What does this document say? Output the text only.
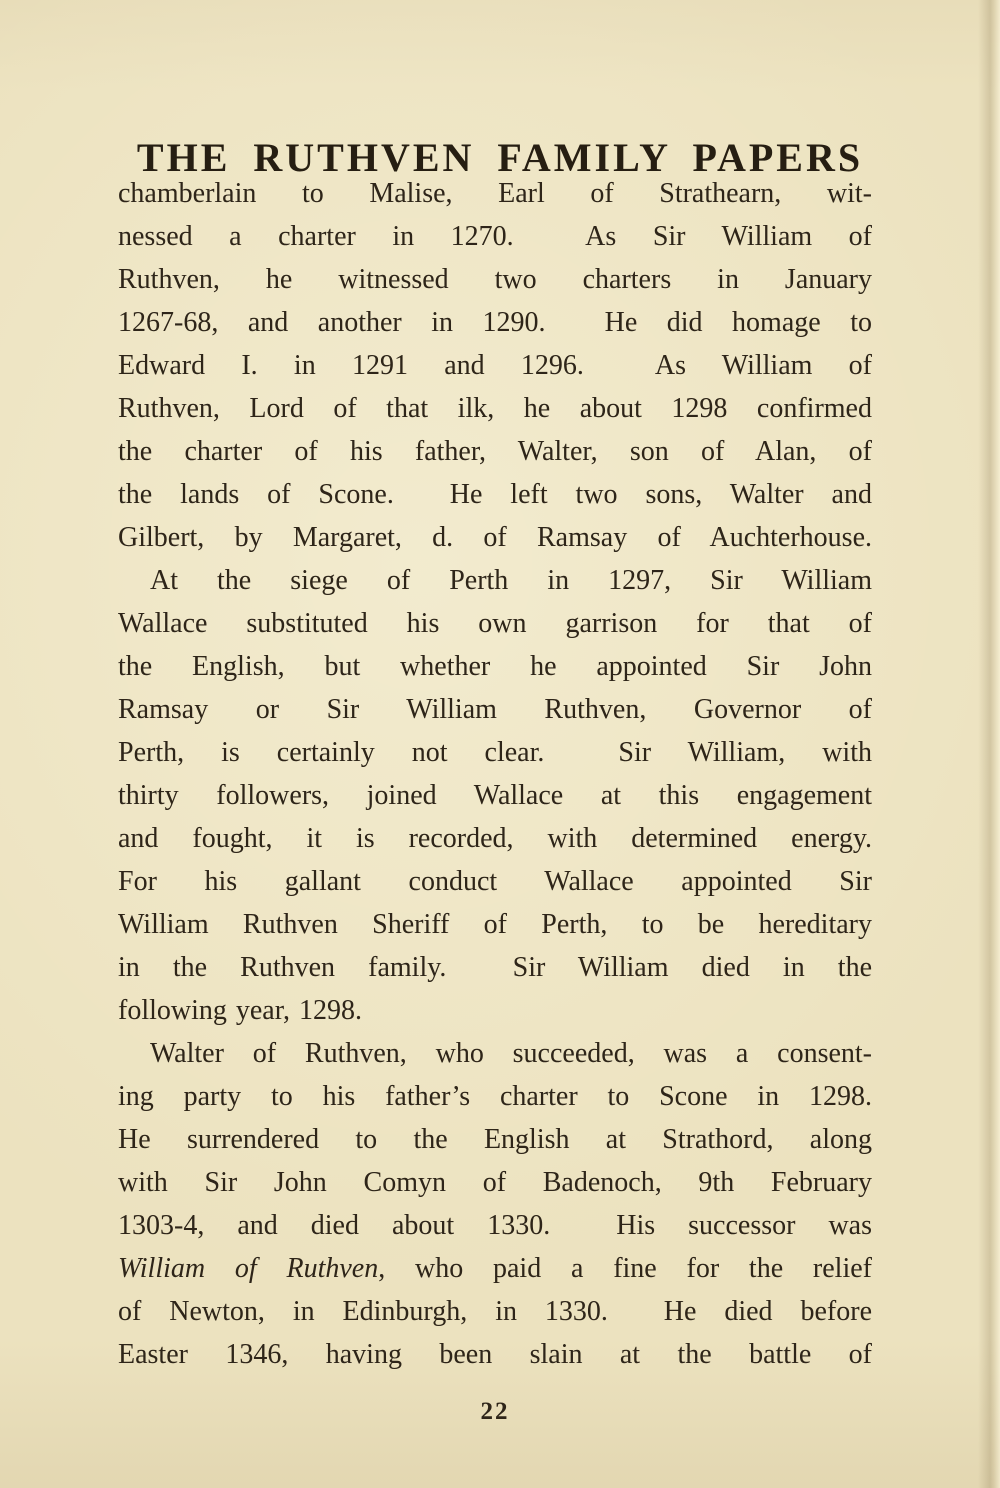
THE RUTHVEN FAMILY PAPERS
chamberlain to Malise, Earl of Strathearn, wit-
nessed a charter in 1270.  As Sir William of
Ruthven, he witnessed two charters in January
1267-68, and another in 1290.  He did homage to
Edward I. in 1291 and 1296.  As William of
Ruthven, Lord of that ilk, he about 1298 confirmed
the charter of his father, Walter, son of Alan, of
the lands of Scone.  He left two sons, Walter and
Gilbert, by Margaret, d. of Ramsay of Auchterhouse.
At the siege of Perth in 1297, Sir William
Wallace substituted his own garrison for that of
the English, but whether he appointed Sir John
Ramsay or Sir William Ruthven, Governor of
Perth, is certainly not clear.  Sir William, with
thirty followers, joined Wallace at this engagement
and fought, it is recorded, with determined energy.
For his gallant conduct Wallace appointed Sir
William Ruthven Sheriff of Perth, to be hereditary
in the Ruthven family.  Sir William died in the
following year, 1298.
Walter of Ruthven, who succeeded, was a consent-
ing party to his father’s charter to Scone in 1298.
He surrendered to the English at Strathord, along
with Sir John Comyn of Badenoch, 9th February
1303-4, and died about 1330.  His successor was
William of Ruthven, who paid a fine for the relief
of Newton, in Edinburgh, in 1330.  He died before
Easter 1346, having been slain at the battle of
22
